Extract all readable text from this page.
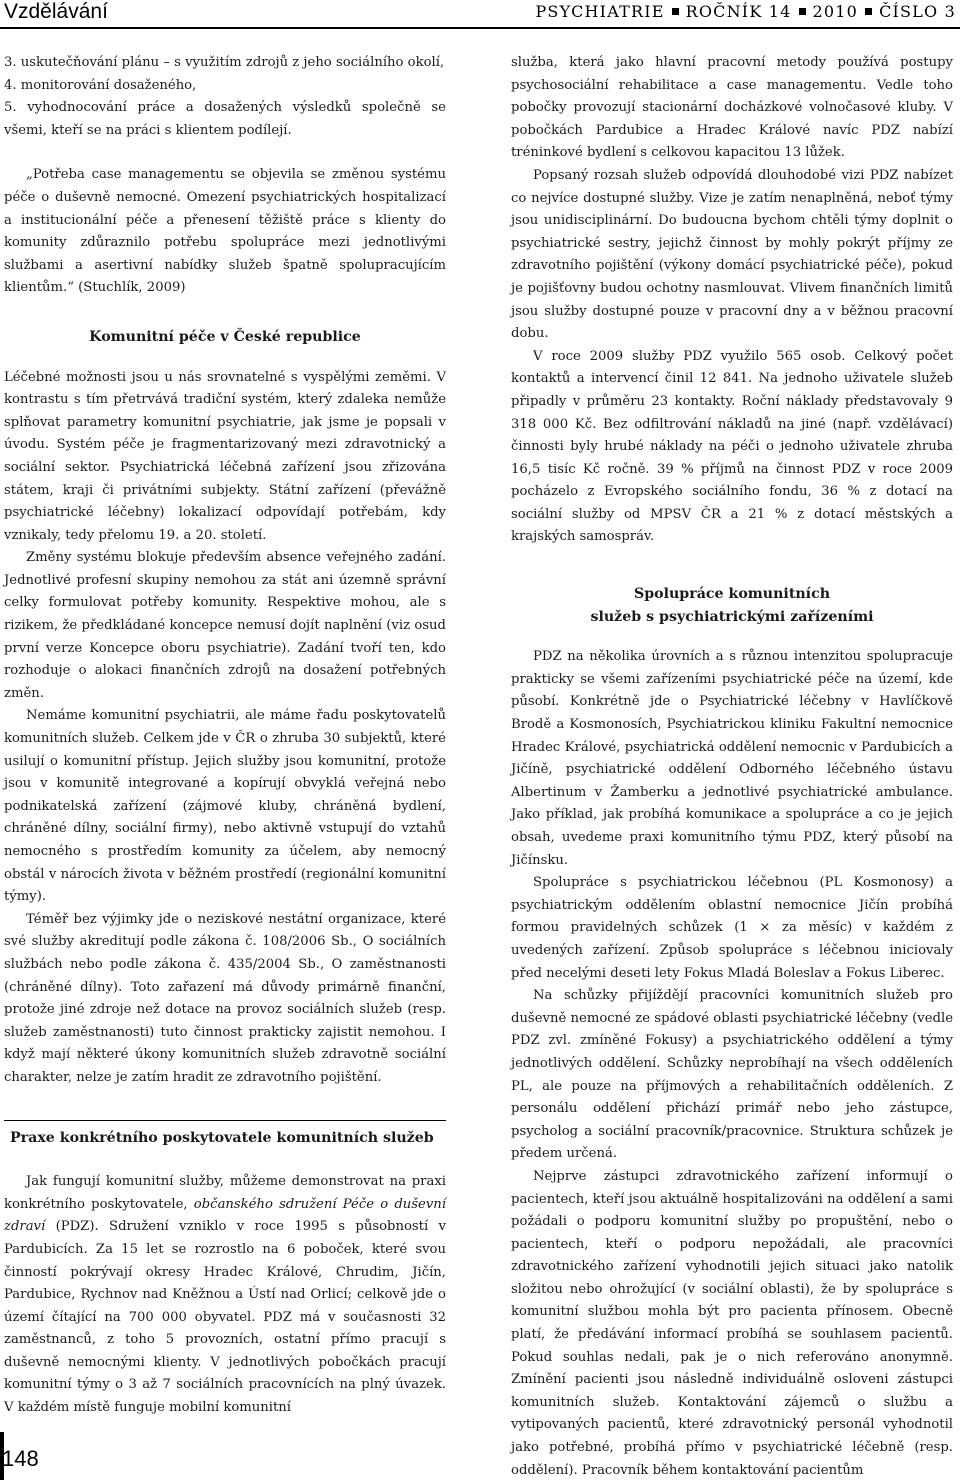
Vzdělávání	PSYCHIATRIE ROČNÍK 14 2010 ČÍSLO 3

3. uskutečňování plánu – s využitím zdrojů z jeho sociálního okolí,

4. monitorování dosaženého,

5. vyhodnocování práce a dosažených výsledků společně se všemi, kteří se na práci s klientem podílejí.

„Potřeba case managementu se objevila se změnou systému péče o duševně nemocné. Omezení psychiatrických hospitalizací a institucionální péče a přenesení těžiště práce s klienty do komunity zdůraznilo potřebu spolupráce mezi jednotlivými službami a asertivní nabídky služeb špatně spolupracujícím klientům.“ (Stuchlík, 2009)

Komunitní péče v České republice

Léčebné možnosti jsou u nás srovnatelné s vyspělými zeměmi. V kontrastu s tím přetrvává tradiční systém, který zdaleka nemůže splňovat parametry komunitní psychiatrie, jak jsme je popsali v úvodu. Systém péče je fragmentarizovaný mezi zdravotnický a sociální sektor. Psychiatrická léčebná zařízení jsou zřizována státem, kraji či privátními subjekty. Státní zařízení (převážně psychiatrické léčebny) lokalizací odpovídají potřebám, kdy vznikaly, tedy přelomu 19. a 20. století.

Změny systému blokuje především absence veřejného zadání. Jednotlivé profesní skupiny nemohou za stát ani územně správní celky formulovat potřeby komunity. Respektive mohou, ale s rizikem, že předkládané koncepce nemusí dojít naplnění (viz osud první verze Koncepce oboru psychiatrie). Zadání tvoří ten, kdo rozhoduje o alokaci finančních zdrojů na dosažení potřebných změn.

Nemáme komunitní psychiatrii, ale máme řadu poskytovatelů komunitních služeb. Celkem jde v ČR o zhruba 30 subjektů, které usilují o komunitní přístup. Jejich služby jsou komunitní, protože jsou v komunitě integrované a kopírují obvyklá veřejná nebo podnikatelská zařízení (zájmové kluby, chráněná bydlení, chráněné dílny, sociální firmy), nebo aktivně vstupují do vztahů nemocného s prostředím komunity za účelem, aby nemocný obstál v nárocích života v běžném prostředí (regionální komunitní týmy).

Téměř bez výjimky jde o neziskové nestátní organizace, které své služby akreditují podle zákona č. 108/2006 Sb., O sociálních službách nebo podle zákona č. 435/2004 Sb., O zaměstnanosti (chráněné dílny). Toto zařazení má důvody primárně finanční, protože jiné zdroje než dotace na provoz sociálních služeb (resp. služeb zaměstnanosti) tuto činnost prakticky zajistit nemohou. I když mají některé úkony komunitních služeb zdravotně sociální charakter, nelze je zatím hradit ze zdravotního pojištění.

Praxe konkrétního poskytovatele komunitních služeb

Jak fungují komunitní služby, můžeme demonstrovat na praxi konkrétního poskytovatele, občanského sdružení Péče o duševní zdraví (PDZ). Sdružení vzniklo v roce 1995 s působností v Pardubicích. Za 15 let se rozrostlo na 6 poboček, které svou činností pokrývají okresy Hradec Králové, Chrudim, Jičín, Pardubice, Rychnov nad Kněžnou a Ústí nad Orlicí; celkově jde o území čítající na 700 000 obyvatel. PDZ má v současnosti 32 zaměstnanců, z toho 5 provozních, ostatní přímo pracují s duševně nemocnými klienty. V jednotlivých pobočkách pracují komunitní týmy o 3 až 7 sociálních pracovnících na plný úvazek. V každém místě funguje mobilní komunitní

služba, která jako hlavní pracovní metody používá postupy psychosociální rehabilitace a case managementu. Vedle toho pobočky provozují stacionární docházkové volnočasové kluby. V pobočkách Pardubice a Hradec Králové navíc PDZ nabízí tréninkové bydlení s celkovou kapacitou 13 lůžek.

Popsaný rozsah služeb odpovídá dlouhodobé vizi PDZ nabízet co nejvíce dostupné služby. Vize je zatím nenaplněná, neboť týmy jsou unidisciplinární. Do budoucna bychom chtěli týmy doplnit o psychiatrické sestry, jejichž činnost by mohly pokrýt příjmy ze zdravotního pojištění (výkony domácí psychiatrické péče), pokud je pojišťovny budou ochotny nasmlouvat. Vlivem finančních limitů jsou služby dostupné pouze v pracovní dny a v běžnou pracovní dobu.

V roce 2009 služby PDZ využilo 565 osob. Celkový počet kontaktů a intervencí činil 12 841. Na jednoho uživatele služeb připadly v průměru 23 kontakty. Roční náklady představovaly 9 318 000 Kč. Bez odfiltrování nákladů na jiné (např. vzdělávací) činnosti byly hrubé náklady na péči o jednoho uživatele zhruba 16,5 tisíc Kč ročně. 39 % příjmů na činnost PDZ v roce 2009 pocházelo z Evropského sociálního fondu, 36 % z dotací na sociální služby od MPSV ČR a 21 % z dotací městských a krajských samospráv.

Spolupráce komunitních

služeb s psychiatrickými zařízeními

PDZ na několika úrovních a s různou intenzitou spolupracuje prakticky se všemi zařízeními psychiatrické péče na území, kde působí. Konkrétně jde o Psychiatrické léčebny v Havlíčkově Brodě a Kosmonosích, Psychiatrickou kliniku Fakultní nemocnice Hradec Králové, psychiatrická oddělení nemocnic v Pardubicích a Jičíně, psychiatrické oddělení Odborného léčebného ústavu Albertinum v Žamberku a jednotlivé psychiatrické ambulance. Jako příklad, jak probíhá komunikace a spolupráce a co je jejich obsah, uvedeme praxi komunitního týmu PDZ, který působí na Jičínsku.

Spolupráce s psychiatrickou léčebnou (PL Kosmonosy) a psychiatrickým oddělením oblastní nemocnice Jičín probíhá formou pravidelných schůzek (1 × za měsíc) v každém z uvedených zařízení. Způsob spolupráce s léčebnou iniciovaly před necelými deseti lety Fokus Mladá Boleslav a Fokus Liberec.

Na schůzky přijíždějí pracovníci komunitních služeb pro duševně nemocné ze spádové oblasti psychiatrické léčebny (vedle PDZ zvl. zmíněné Fokusy) a psychiatrického oddělení a týmy jednotlivých oddělení. Schůzky neprobíhají na všech odděleních PL, ale pouze na příjmových a rehabilitačních odděleních. Z personálu oddělení přichází primář nebo jeho zástupce, psycholog a sociální pracovník/pracovnice. Struktura schůzek je předem určená.

Nejprve zástupci zdravotnického zařízení informují o pacientech, kteří jsou aktuálně hospitalizováni na oddělení a sami požádali o podporu komunitní služby po propuštění, nebo o pacientech, kteří o podporu nepožádali, ale pracovníci zdravotnického zařízení vyhodnotili jejich situaci jako natolik složitou nebo ohrožující (v sociální oblasti), že by spolupráce s komunitní službou mohla být pro pacienta přínosem. Obecně platí, že předávání informací probíhá se souhlasem pacientů. Pokud souhlas nedali, pak je o nich referováno anonymně. Zmínění pacienti jsou následně individuálně osloveni zástupci komunitních služeb. Kontaktování zájemců o službu a vytipovaných pacientů, které zdravotnický personál vyhodnotil jako potřebné, probíhá přímo v psychiatrické léčebně (resp. oddělení). Pracovník během kontaktování pacientům

148
